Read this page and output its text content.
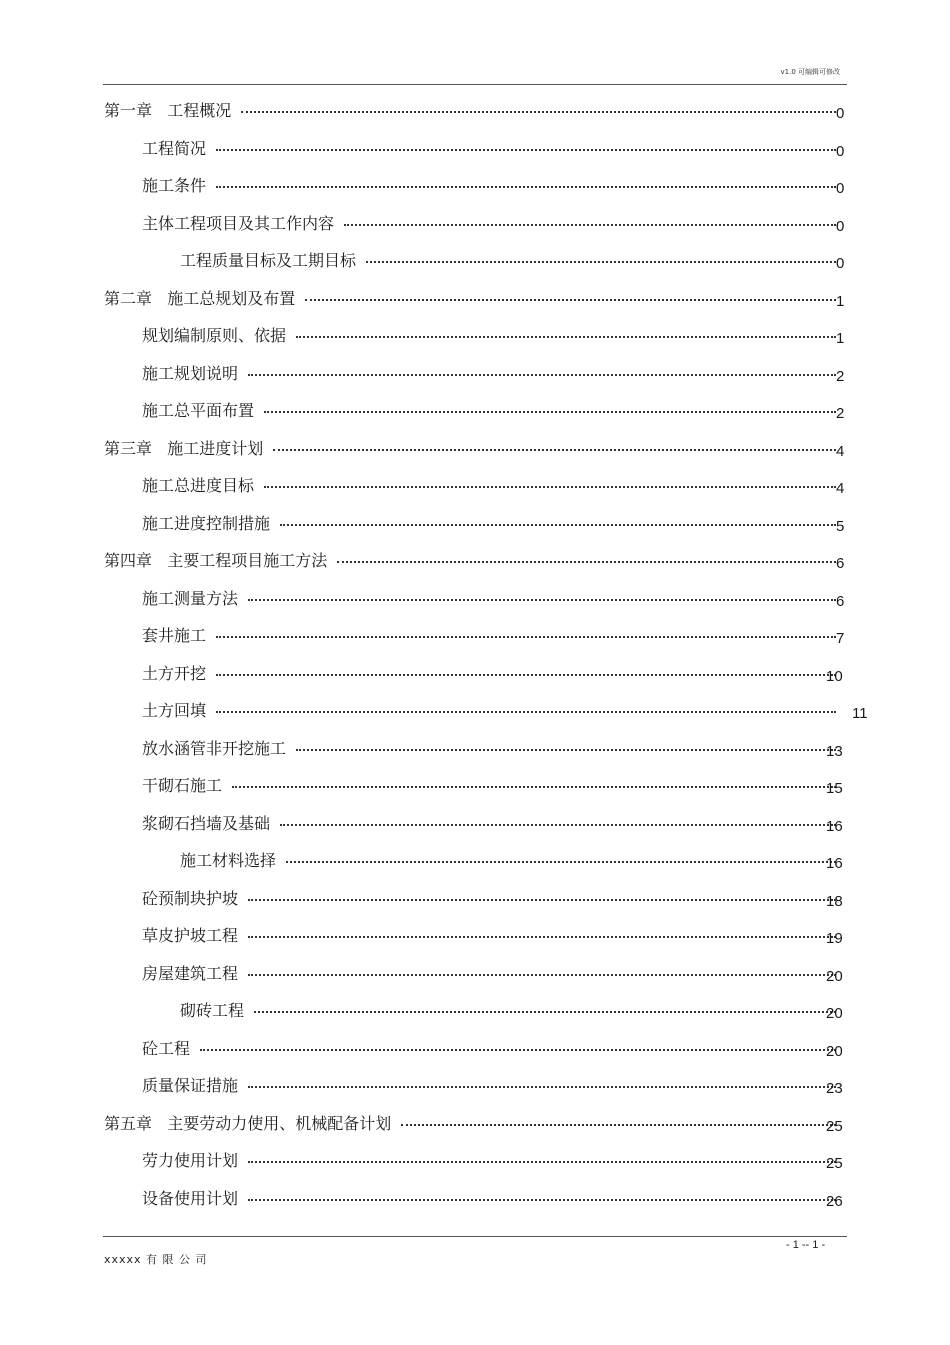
v1.0 可编辑可修改
第一章   工程概况	0
工程简况	0
施工条件	0
主体工程项目及其工作内容	0
工程质量目标及工期目标	0
第二章   施工总规划及布置	1
规划编制原则、依据	1
施工规划说明	2
施工总平面布置	2
第三章   施工进度计划	4
施工总进度目标	4
施工进度控制措施	5
第四章   主要工程项目施工方法	6
施工测量方法	6
套井施工	7
土方开挖	10
土方回填	11
放水涵管非开挖施工	13
干砌石施工	15
浆砌石挡墙及基础	16
施工材料选择	16
砼预制块护坡	18
草皮护坡工程	19
房屋建筑工程	20
砌砖工程	20
砼工程	20
质量保证措施	23
第五章   主要劳动力使用、机械配备计划	25
劳力使用计划	25
设备使用计划	26
- 1 -- 1 -
xxxxx 有 限 公 司
